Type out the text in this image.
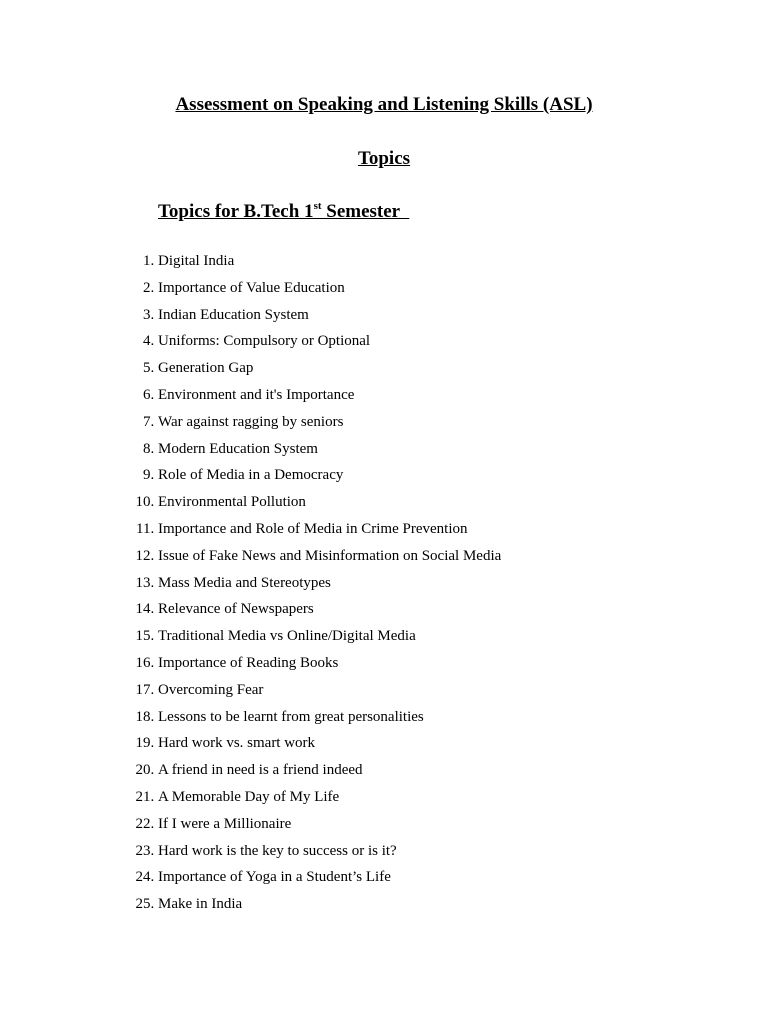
Assessment on Speaking and Listening Skills (ASL)
Topics
Topics for B.Tech 1st Semester
1. Digital India
2. Importance of Value Education
3. Indian Education System
4. Uniforms: Compulsory or Optional
5. Generation Gap
6. Environment and it's Importance
7. War against ragging by seniors
8. Modern Education System
9. Role of Media in a Democracy
10. Environmental Pollution
11. Importance and Role of Media in Crime Prevention
12. Issue of Fake News and Misinformation on Social Media
13. Mass Media and Stereotypes
14. Relevance of Newspapers
15. Traditional Media vs Online/Digital Media
16. Importance of Reading Books
17. Overcoming Fear
18. Lessons to be learnt from great personalities
19. Hard work vs. smart work
20. A friend in need is a friend indeed
21. A Memorable Day of My Life
22. If I were a Millionaire
23. Hard work is the key to success or is it?
24. Importance of Yoga in a Student’s Life
25. Make in India
